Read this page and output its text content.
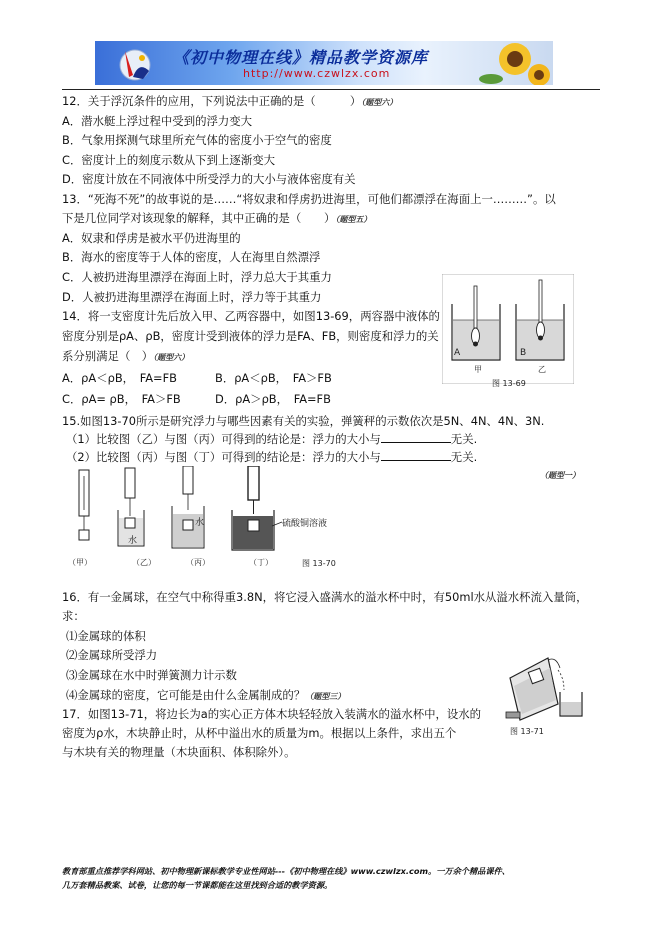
《初中物理在线》精品教学资源库
http://www.czwlzx.com
12．关于浮沉条件的应用，下列说法中正确的是（　　　）（题型六）
A．潜水艇上浮过程中受到的浮力变大
B．气象用探测气球里所充气体的密度小于空气的密度
C．密度计上的刻度示数从下到上逐渐变大
D．密度计放在不同液体中所受浮力的大小与液体密度有关
13．“死海不死”的故事说的是……“将奴隶和俘虏扔进海里，可他们都漂浮在海面上一………”。以
下是几位同学对该现象的解释，其中正确的是（　　）（题型五）
A．奴隶和俘虏是被水平仍进海里的
B．海水的密度等于人体的密度，人在海里自然漂浮
C．人被扔进海里漂浮在海面上时，浮力总大于其重力
D．人被扔进海里漂浮在海面上时，浮力等于其重力
14．将一支密度计先后放入甲、乙两容器中，如图13-69，两容器中液体的
密度分别是ρA、ρB，密度计受到液体的浮力是FA、FB，则密度和浮力的关
系分别满足（　）（题型六）
A．ρA＜ρB，　FA=FB	B．ρA＜ρB，　FA＞FB
C．ρA= ρB，　FA＞FB	D．ρA＞ρB，　FA=FB
A	B
甲	乙
图 13-69
15.如图13-70所示是研究浮力与哪些因素有关的实验，弹簧秤的示数依次是5N、4N、4N、3N.
（1）比较图（乙）与图（丙）可得到的结论是：浮力的大小与	无关.
（2）比较图（丙）与图（丁）可得到的结论是：浮力的大小与	无关.
（题型一）
水
水	硫酸铜溶液
（甲）	（乙）	（丙）	（丁）	图 13-70
16．有一金属球，在空气中称得重3.8N，将它浸入盛满水的溢水杯中时，有50ml水从溢水杯流入量筒，
求：
⑴金属球的体积
⑵金属球所受浮力
⑶金属球在水中时弹簧测力计示数
⑷金属球的密度，它可能是由什么金属制成的？（题型三）
图 13-71
17．如图13-71，将边长为a的实心正方体木块轻轻放入装满水的溢水杯中，设水的
密度为ρ水，木块静止时，从杯中溢出水的质量为m。根据以上条件，求出五个
与木块有关的物理量（木块面积、体积除外）。
教育部重点推荐学科网站、初中物理新课标教学专业性网站---《初中物理在线》www.czwlzx.com。一万余个精品课件、
几万套精品教案、试卷，让您的每一节课都能在这里找到合适的教学资源。
